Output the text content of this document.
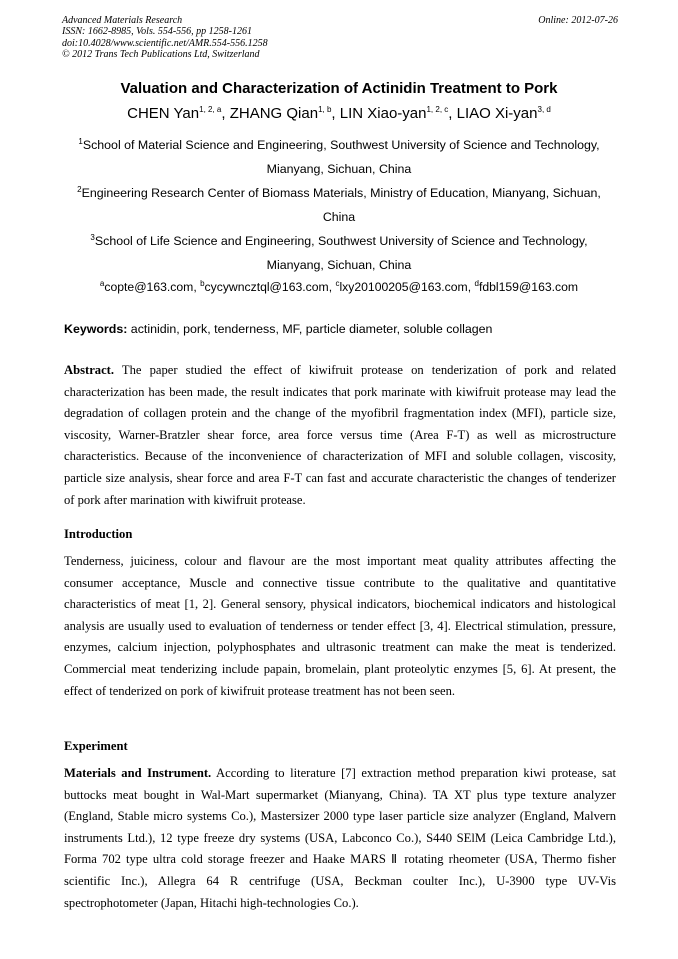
Advanced Materials Research
ISSN: 1662-8985, Vols. 554-556, pp 1258-1261
doi:10.4028/www.scientific.net/AMR.554-556.1258
© 2012 Trans Tech Publications Ltd, Switzerland
Online: 2012-07-26
Valuation and Characterization of Actinidin Treatment to Pork
CHEN Yan$^{1, 2, a}$, ZHANG Qian$^{1, b}$, LIN Xiao-yan$^{1, 2, c}$, LIAO Xi-yan$^{3, d}$
$^1$School of Material Science and Engineering, Southwest University of Science and Technology, Mianyang, Sichuan, China
$^2$Engineering Research Center of Biomass Materials, Ministry of Education, Mianyang, Sichuan, China
$^3$School of Life Science and Engineering, Southwest University of Science and Technology, Mianyang, Sichuan, China
$^a$copte@163.com, $^b$cycywncztql@163.com, $^c$lxy20100205@163.com, $^d$fdbl159@163.com
Keywords: actinidin, pork, tenderness, MF, particle diameter, soluble collagen
Abstract. The paper studied the effect of kiwifruit protease on tenderization of pork and related characterization has been made, the result indicates that pork marinate with kiwifruit protease may lead the degradation of collagen protein and the change of the myofibril fragmentation index (MFI), particle size, viscosity, Warner-Bratzler shear force, area force versus time (Area F-T) as well as microstructure characteristics. Because of the inconvenience of characterization of MFI and soluble collagen, viscosity, particle size analysis, shear force and area F-T can fast and accurate characteristic the changes of tenderizer of pork after marination with kiwifruit protease.
Introduction
Tenderness, juiciness, colour and flavour are the most important meat quality attributes affecting the consumer acceptance, Muscle and connective tissue contribute to the qualitative and quantitative characteristics of meat [1, 2]. General sensory, physical indicators, biochemical indicators and histological analysis are usually used to evaluation of tenderness or tender effect [3, 4]. Electrical stimulation, pressure, enzymes, calcium injection, polyphosphates and ultrasonic treatment can make the meat is tenderized. Commercial meat tenderizing include papain, bromelain, plant proteolytic enzymes [5, 6]. At present, the effect of tenderized on pork of kiwifruit protease treatment has not been seen.
Experiment
Materials and Instrument. According to literature [7] extraction method preparation kiwi protease, sat buttocks meat bought in Wal-Mart supermarket (Mianyang, China). TA XT plus type texture analyzer (England, Stable micro systems Co.), Mastersizer 2000 type laser particle size analyzer (England, Malvern instruments Ltd.), 12 type freeze dry systems (USA, Labconco Co.), S440 SElM (Leica Cambridge Ltd.), Forma 702 type ultra cold storage freezer and Haake MARS Ⅱ rotating rheometer (USA, Thermo fisher scientific Inc.), Allegra 64 R centrifuge (USA, Beckman coulter Inc.), U-3900 type UV-Vis spectrophotometer (Japan, Hitachi high-technologies Co.).
